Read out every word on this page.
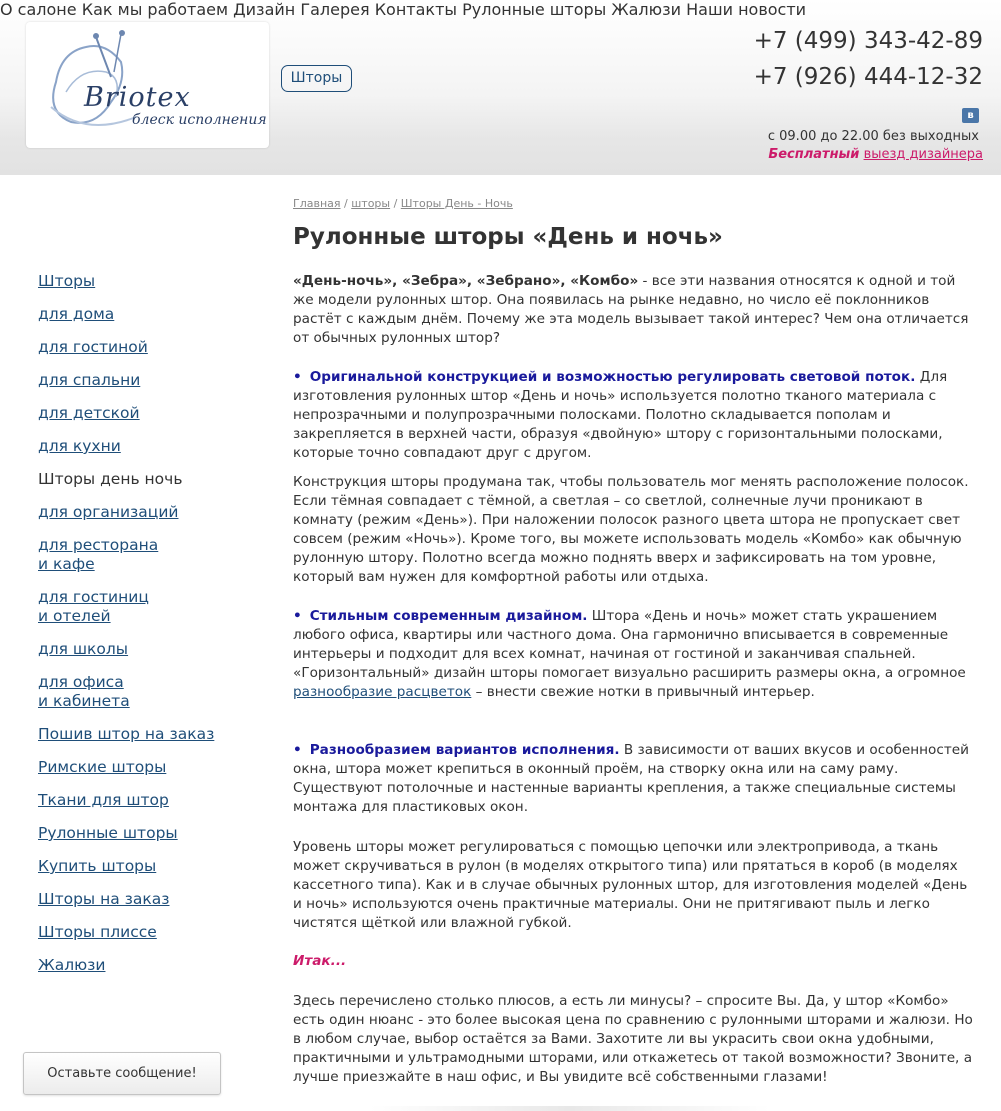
Briotex
блеск исполнения
О салоне Как мы работаем Дизайн Галерея Контакты
Шторы
Рулонные шторы Жалюзи Наши новости
+7 (499) 343-42-89
+7 (926) 444-12-32
в
с 09.00 до 22.00 без выходных
Бесплатный выезд дизайнера
Шторы
для дома
для гостиной
для спальни
для детской
для кухни
Шторы день ночь
для организаций
для ресторана
и кафе
для гостиниц
и отелей
для школы
для офиса
и кабинета
Пошив штор на заказ
Римские шторы
Ткани для штор
Рулонные шторы
Купить шторы
Шторы на заказ
Шторы плиссе
Жалюзи
Оставьте сообщение!
Главная / шторы / Шторы День - Ночь
Рулонные шторы «День и ночь»

«День-ночь», «Зебра», «Зебрано», «Комбо» - все эти названия относятся к одной и той же модели рулонных штор. Она появилась на рынке недавно, но число её поклонников растёт с каждым днём. Почему же эта модель вызывает такой интерес? Чем она отличается от обычных рулонных штор?

• Оригинальной конструкцией и возможностью регулировать световой поток. Для изготовления рулонных штор «День и ночь» используется полотно тканого материала с непрозрачными и полупрозрачными полосками. Полотно складывается пополам и закрепляется в верхней части, образуя «двойную» штору с горизонтальными полосками, которые точно совпадают друг с другом.

Конструкция шторы продумана так, чтобы пользователь мог менять расположение полосок. Если тёмная совпадает с тёмной, а светлая – со светлой, солнечные лучи проникают в комнату (режим «День»). При наложении полосок разного цвета штора не пропускает свет совсем (режим «Ночь»). Кроме того, вы можете использовать модель «Комбо» как обычную рулонную штору. Полотно всегда можно поднять вверх и зафиксировать на том уровне, который вам нужен для комфортной работы или отдыха.

• Стильным современным дизайном. Штора «День и ночь» может стать украшением любого офиса, квартиры или частного дома. Она гармонично вписывается в современные интерьеры и подходит для всех комнат, начиная от гостиной и заканчивая спальней. «Горизонтальный» дизайн шторы помогает визуально расширить размеры окна, а огромное разнообразие расцветок – внести свежие нотки в привычный интерьер.

• Разнообразием вариантов исполнения. В зависимости от ваших вкусов и особенностей окна, штора может крепиться в оконный проём, на створку окна или на саму раму. Существуют потолочные и настенные варианты крепления, а также специальные системы монтажа для пластиковых окон.

Уровень шторы может регулироваться с помощью цепочки или электропривода, а ткань может скручиваться в рулон (в моделях открытого типа) или прятаться в короб (в моделях кассетного типа). Как и в случае обычных рулонных штор, для изготовления моделей «День и ночь» используются очень практичные материалы. Они не притягивают пыль и легко чистятся щёткой или влажной губкой.

Итак...

Здесь перечислено столько плюсов, а есть ли минусы? – спросите Вы. Да, у штор «Комбо» есть один нюанс - это более высокая цена по сравнению с рулонными шторами и жалюзи. Но в любом случае, выбор остаётся за Вами. Захотите ли вы украсить свои окна удобными, практичными и ультрамодными шторами, или откажетесь от такой возможности? Звоните, а лучше приезжайте в наш офис, и Вы увидите всё собственными глазами!
